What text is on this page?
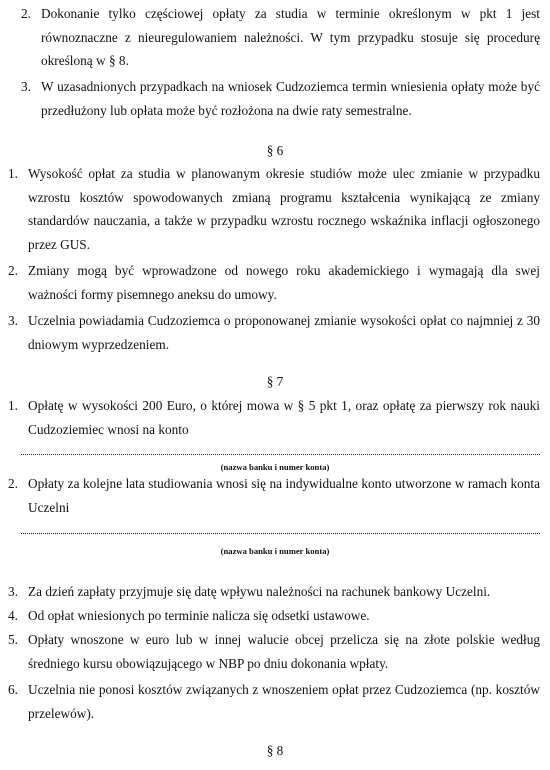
2. Dokonanie tylko częściowej opłaty za studia w terminie określonym w pkt 1 jest równoznaczne z nieuregulowaniem należności. W tym przypadku stosuje się procedurę określoną w § 8.
3. W uzasadnionych przypadkach na wniosek Cudzoziemca termin wniesienia opłaty może być przedłużony lub opłata może być rozłożona na dwie raty semestralne.
§ 6
1. Wysokość opłat za studia w planowanym okresie studiów może ulec zmianie w przypadku wzrostu kosztów spowodowanych zmianą programu kształcenia wynikającą ze zmiany standardów nauczania, a także w przypadku wzrostu rocznego wskaźnika inflacji ogłoszonego przez GUS.
2. Zmiany mogą być wprowadzone od nowego roku akademickiego i wymagają dla swej ważności formy pisemnego aneksu do umowy.
3. Uczelnia powiadamia Cudzoziemca o proponowanej zmianie wysokości opłat co najmniej z 30 dniowym wyprzedzeniem.
§ 7
1. Opłatę w wysokości 200 Euro, o której mowa w § 5 pkt 1, oraz opłatę za pierwszy rok nauki Cudzoziemiec wnosi na konto
(nazwa banku i numer konta)
2. Opłaty za kolejne lata studiowania wnosi się na indywidualne konto utworzone w ramach konta Uczelni
(nazwa banku i numer konta)
3. Za dzień zapłaty przyjmuje się datę wpływu należności na rachunek bankowy Uczelni.
4. Od opłat wniesionych po terminie nalicza się odsetki ustawowe.
5. Opłaty wnoszone w euro lub w innej walucie obcej przelicza się na złote polskie według średniego kursu obowiązującego w NBP po dniu dokonania wpłaty.
6. Uczelnia nie ponosi kosztów związanych z wnoszeniem opłat przez Cudzoziemca (np. kosztów przelewów).
§ 8
